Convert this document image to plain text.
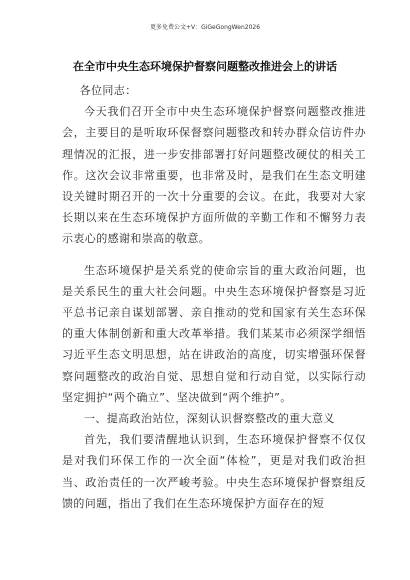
更多免费公文+V：GiGeGongWen2026
在全市中央生态环境保护督察问题整改推进会上的讲话

各位同志：

今天我们召开全市中央生态环境保护督察问题整改推进会，主要目的是听取环保督察问题整改和转办群众信访件办理情况的汇报，进一步安排部署打好问题整改硬仗的相关工作。这次会议非常重要，也非常及时，是我们在生态文明建设关键时期召开的一次十分重要的会议。在此，我要对大家长期以来在生态环境保护方面所做的辛勤工作和不懈努力表示衷心的感谢和崇高的敬意。

生态环境保护是关系党的使命宗旨的重大政治问题，也是关系民生的重大社会问题。中央生态环境保护督察是习近平总书记亲自谋划部署、亲自推动的党和国家有关生态环保的重大体制创新和重大改革举措。我们某某市必须深学细悟习近平生态文明思想，站在讲政治的高度，切实增强环保督察问题整改的政治自觉、思想自觉和行动自觉，以实际行动坚定拥护“两个确立”、坚决做到“两个维护”。

一、提高政治站位，深刻认识督察整改的重大意义

首先，我们要清醒地认识到，生态环境保护督察不仅仅是对我们环保工作的一次全面“体检”，更是对我们政治担当、政治责任的一次严峻考验。中央生态环境保护督察组反馈的问题，指出了我们在生态环境保护方面存在的短
